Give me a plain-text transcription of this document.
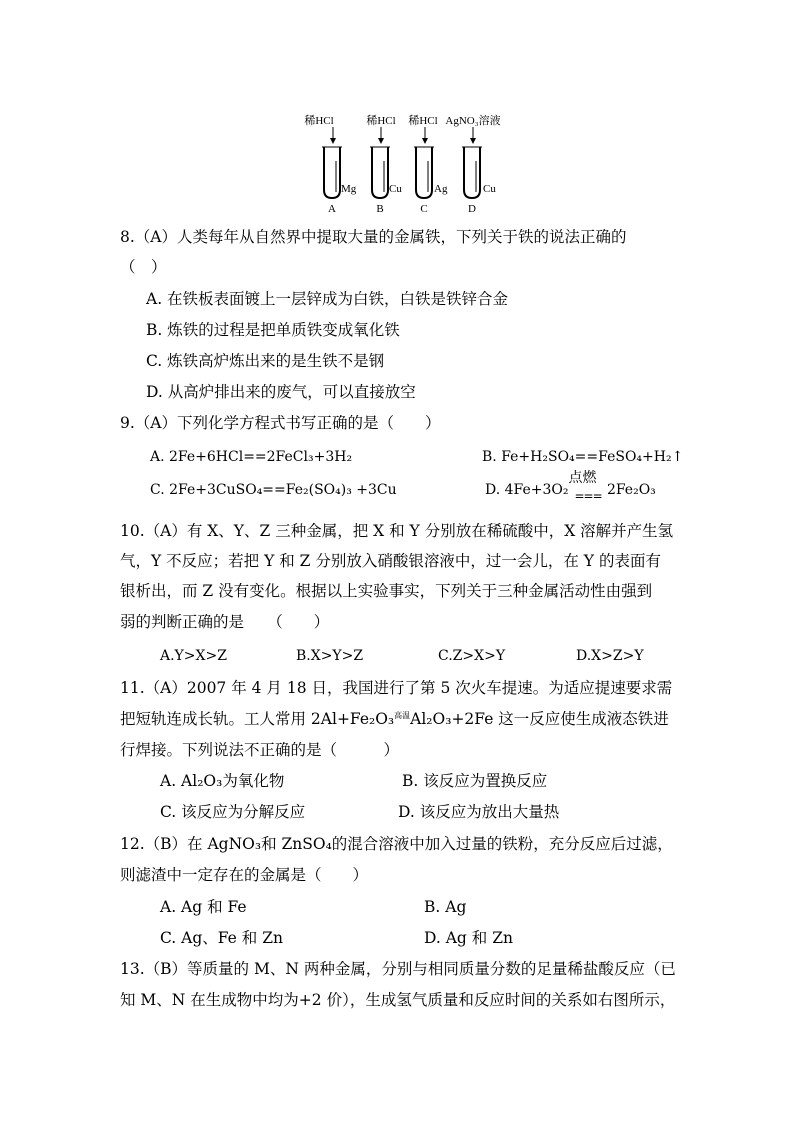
稀HCl
Mg
A
稀HCl
Cu
B
稀HCl
Ag
C
AgNO₃溶液
Cu
D
8.（A）人类每年从自然界中提取大量的金属铁，下列关于铁的说法正确的
（　）
A. 在铁板表面镀上一层锌成为白铁，白铁是铁锌合金
B. 炼铁的过程是把单质铁变成氧化铁
C. 炼铁高炉炼出来的是生铁不是钢
D. 从高炉排出来的废气，可以直接放空
9.（A）下列化学方程式书写正确的是（　　）
A. 2Fe+6HCl==2FeCl₃+3H₂	B. Fe+H₂SO₄==FeSO₄+H₂↑
C. 2Fe+3CuSO₄==Fe₂(SO₄)₃ +3Cu	D. 4Fe+3O₂
点燃
=== 2Fe₂O₃
10.（A）有 X、Y、Z 三种金属，把 X 和 Y 分别放在稀硫酸中，X 溶解并产生氢
气，Y 不反应；若把 Y 和 Z 分别放入硝酸银溶液中，过一会儿，在 Y 的表面有
银析出，而 Z 没有变化。根据以上实验事实，下列关于三种金属活动性由强到
弱的判断正确的是　　（　　）
A.Y>X>Z	B.X>Y>Z	C.Z>X>Y	D.X>Z>Y
11.（A）2007 年 4 月 18 日，我国进行了第 5 次火车提速。为适应提速要求需
把短轨连成长轨。工人常用 2Al+Fe₂O₃高温Al₂O₃+2Fe 这一反应使生成液态铁进
行焊接。下列说法不正确的是（　　　）
A. Al₂O₃为氧化物	B. 该反应为置换反应
C. 该反应为分解反应	D. 该反应为放出大量热
12.（B）在 AgNO₃和 ZnSO₄的混合溶液中加入过量的铁粉，充分反应后过滤，
则滤渣中一定存在的金属是（　　）
A. Ag 和 Fe	B. Ag
C. Ag、Fe 和 Zn	D. Ag 和 Zn
13.（B）等质量的 M、N 两种金属，分别与相同质量分数的足量稀盐酸反应（已
知 M、N 在生成物中均为+2 价），生成氢气质量和反应时间的关系如右图所示，
